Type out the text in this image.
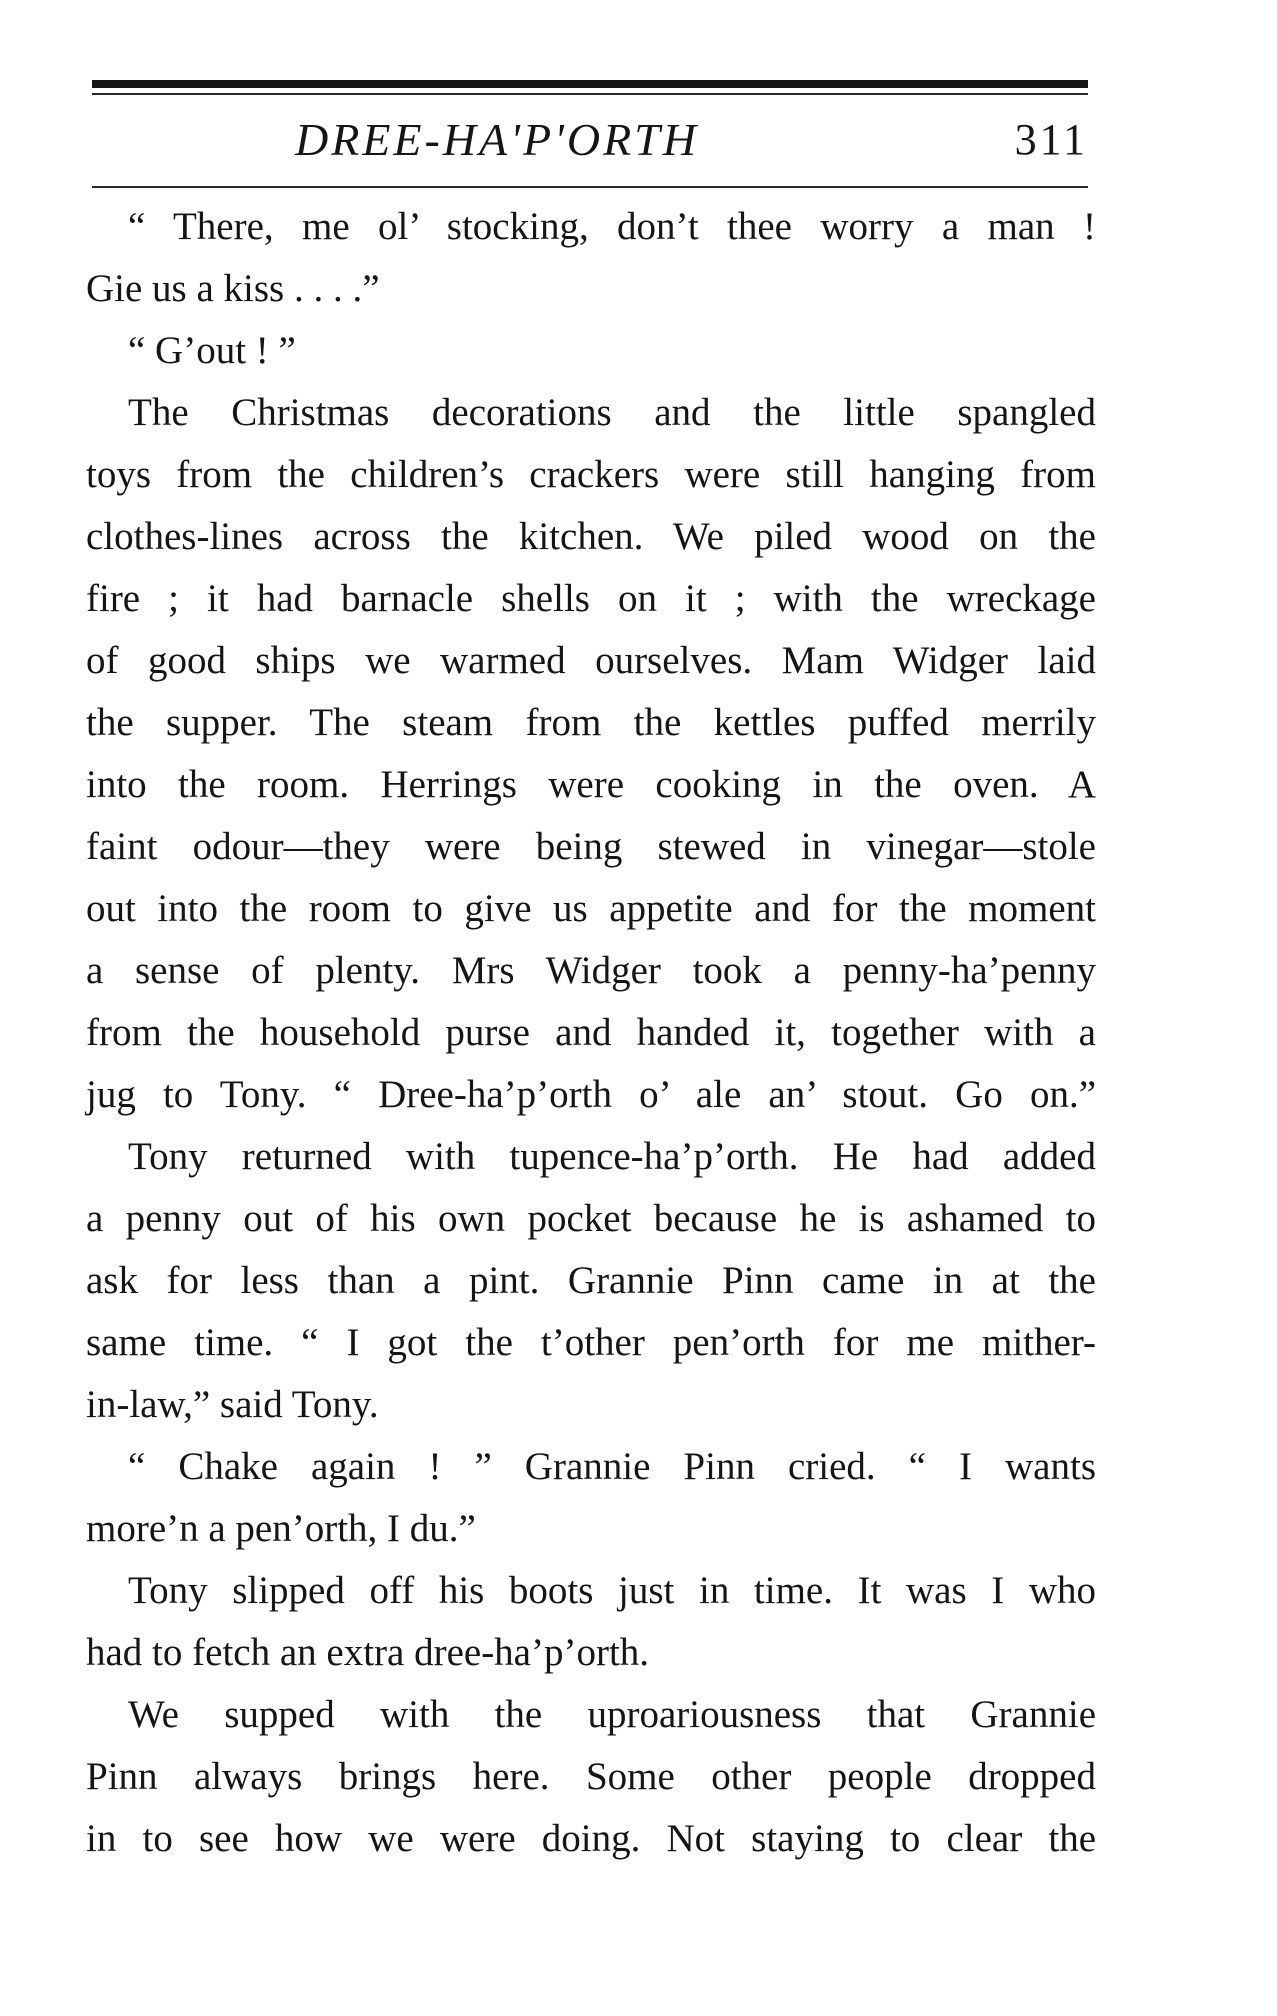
DREE-HA'P'ORTH	311
“ There, me ol’ stocking, don’t thee worry a man !
Gie us a kiss . . . .”
“ G’out ! ”
The Christmas decorations and the little spangled
toys from the children’s crackers were still hanging from
clothes-lines across the kitchen. We piled wood on the
fire ; it had barnacle shells on it ; with the wreckage
of good ships we warmed ourselves. Mam Widger laid
the supper. The steam from the kettles puffed merrily
into the room. Herrings were cooking in the oven. A
faint odour—they were being stewed in vinegar—stole
out into the room to give us appetite and for the moment
a sense of plenty. Mrs Widger took a penny-ha’penny
from the household purse and handed it, together with a
jug to Tony. “ Dree-ha’p’orth o’ ale an’ stout. Go on.”
Tony returned with tupence-ha’p’orth. He had added
a penny out of his own pocket because he is ashamed to
ask for less than a pint. Grannie Pinn came in at the
same time. “ I got the t’other pen’orth for me mither-
in-law,” said Tony.
“ Chake again ! ” Grannie Pinn cried. “ I wants
more’n a pen’orth, I du.”
Tony slipped off his boots just in time. It was I who
had to fetch an extra dree-ha’p’orth.
We supped with the uproariousness that Grannie
Pinn always brings here. Some other people dropped
in to see how we were doing. Not staying to clear the
